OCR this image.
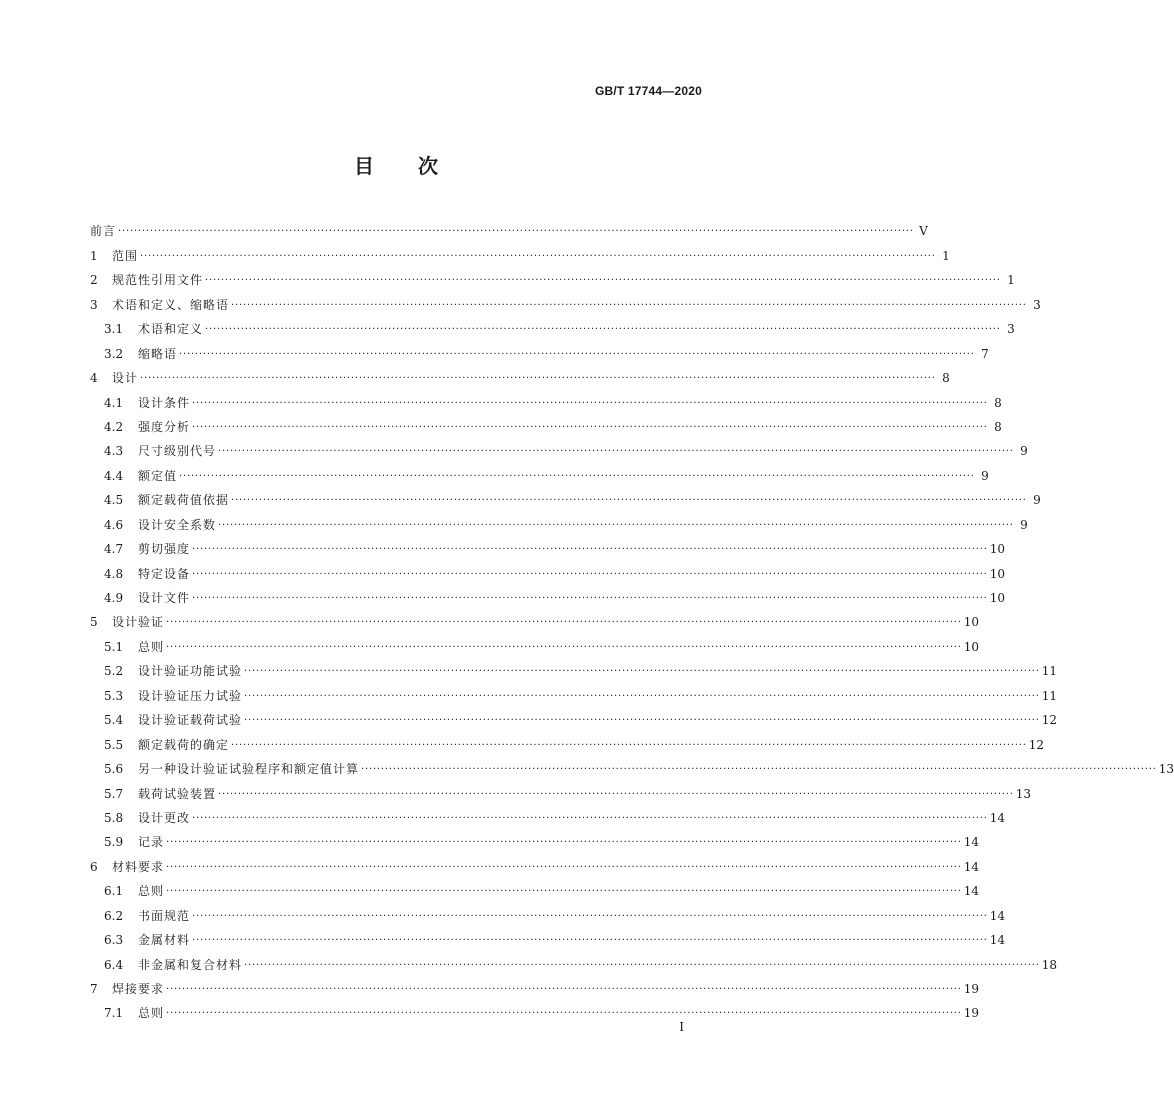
GB/T 17744—2020
目 次
前言 ········································································································································································································ Ⅴ
1	范围 ········································································································································································································ 1
2	规范性引用文件 ········································································································································································································ 1
3	术语和定义、缩略语 ········································································································································································································ 3
3.1	术语和定义 ········································································································································································································ 3
3.2	缩略语 ········································································································································································································ 7
4	设计 ········································································································································································································ 8
4.1	设计条件 ········································································································································································································ 8
4.2	强度分析 ········································································································································································································ 8
4.3	尺寸级别代号 ········································································································································································································ 9
4.4	额定值 ········································································································································································································ 9
4.5	额定载荷值依据 ········································································································································································································ 9
4.6	设计安全系数 ········································································································································································································ 9
4.7	剪切强度 ········································································································································································································ 10
4.8	特定设备 ········································································································································································································ 10
4.9	设计文件 ········································································································································································································ 10
5	设计验证 ········································································································································································································ 10
5.1	总则 ········································································································································································································ 10
5.2	设计验证功能试验 ········································································································································································································ 11
5.3	设计验证压力试验 ········································································································································································································ 11
5.4	设计验证载荷试验 ········································································································································································································ 12
5.5	额定载荷的确定 ········································································································································································································ 12
5.6	另一种设计验证试验程序和额定值计算 ········································································································································································································ 13
5.7	载荷试验装置 ········································································································································································································ 13
5.8	设计更改 ········································································································································································································ 14
5.9	记录 ········································································································································································································ 14
6	材料要求 ········································································································································································································ 14
6.1	总则 ········································································································································································································ 14
6.2	书面规范 ········································································································································································································ 14
6.3	金属材料 ········································································································································································································ 14
6.4	非金属和复合材料 ········································································································································································································ 18
7	焊接要求 ········································································································································································································ 19
7.1	总则 ········································································································································································································ 19
Ⅰ
